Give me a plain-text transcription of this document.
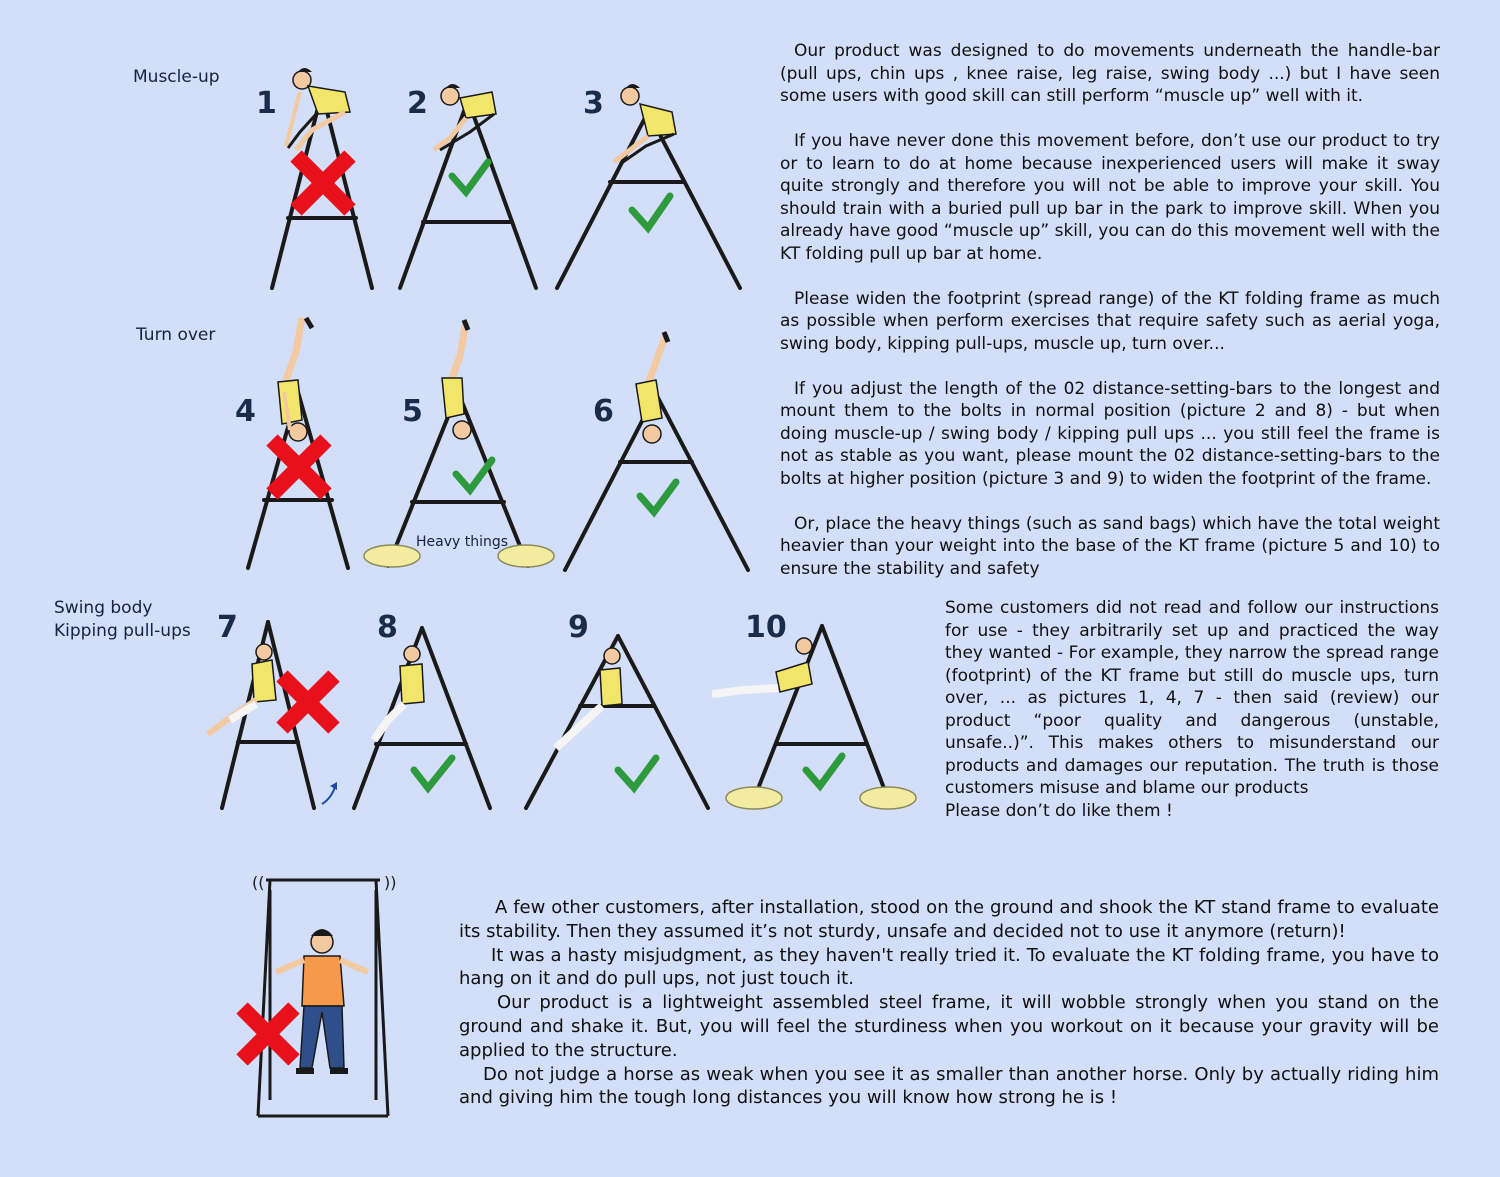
Muscle-up
Turn over
Swing body
Kipping pull-ups
1	2	3
4	5	6
7	8	9	10
Heavy things
((	))

Our product was designed to do movements underneath the handle-bar (pull ups, chin ups , knee raise, leg raise, swing body ...) but I have seen some users with good skill can still perform “muscle up” well with it.

If you have never done this movement before, don’t use our product to try or to learn to do at home because inexperienced users will make it sway quite strongly and therefore you will not be able to improve your skill. You should train with a buried pull up bar in the park to improve skill. When you already have good “muscle up” skill, you can do this movement well with the KT folding pull up bar at home.

Please widen the footprint (spread range) of the KT folding frame as much as possible when perform exercises that require safety such as aerial yoga, swing body, kipping pull-ups, muscle up, turn over...

If you adjust the length of the 02 distance-setting-bars to the longest and mount them to the bolts in normal position (picture 2 and 8) - but when doing muscle-up / swing body / kipping pull ups ... you still feel the frame is not as stable as you want, please mount the 02 distance-setting-bars to the bolts at higher position (picture 3 and 9) to widen the footprint of the frame.

Or, place the heavy things (such as sand bags) which have the total weight heavier than your weight into the base of the KT frame (picture 5 and 10) to ensure the stability and safety

Some customers did not read and follow our instructions for use - they arbitrarily set up and practiced the way they wanted - For example, they narrow the spread range (footprint) of the KT frame but still do muscle ups, turn over, ... as pictures 1, 4, 7 - then said (review) our product “poor quality and dangerous (unstable, unsafe..)”. This makes others to misunderstand our products and damages our reputation. The truth is those customers misuse and blame our products

Please don’t do like them !

A few other customers, after installation, stood on the ground and shook the KT stand frame to evaluate its stability. Then they assumed it’s not sturdy, unsafe and decided not to use it anymore (return)!

It was a hasty misjudgment, as they haven't really tried it. To evaluate the KT folding frame, you have to hang on it and do pull ups, not just touch it.

Our product is a lightweight assembled steel frame, it will wobble strongly when you stand on the ground and shake it. But, you will feel the sturdiness when you workout on it because your gravity will be applied to the structure.

Do not judge a horse as weak when you see it as smaller than another horse. Only by actually riding him and giving him the tough long distances you will know how strong he is !
